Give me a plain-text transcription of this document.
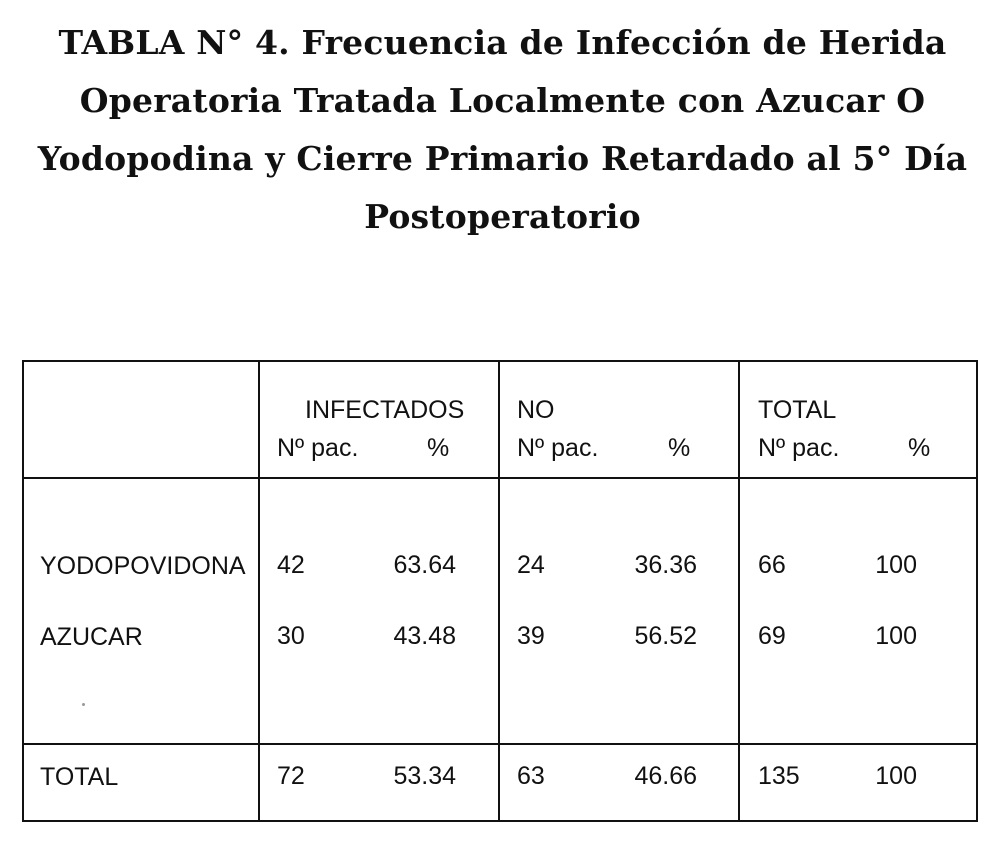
TABLA N° 4. Frecuencia de Infección de Herida
Operatoria Tratada Localmente con Azucar O
Yodopodina y Cierre Primario Retardado al 5° Día
Postoperatorio
INFECTADOS NO	TOTAL
Nº pac.	%	Nº pac.	%	Nº pac.	%
YODOPOVIDONA 42	63.64 24	36.36 66	100
AZUCAR	30	43.48 39	56.52 69	100
TOTAL	72	53.34 63	46.66 135	100
